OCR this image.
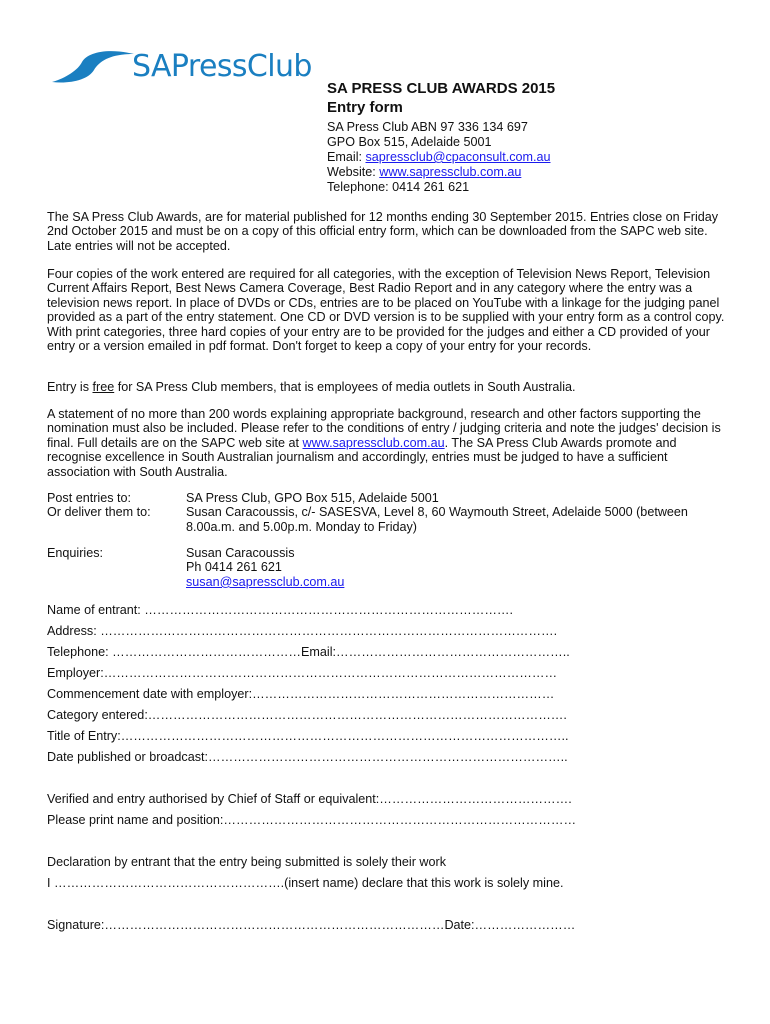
SAPressClub
SA PRESS CLUB AWARDS 2015
Entry form
SA Press Club ABN 97 336 134 697
GPO Box 515, Adelaide 5001
Email: sapressclub@cpaconsult.com.au
Website: www.sapressclub.com.au
Telephone: 0414 261 621
The SA Press Club Awards, are for material published for 12 months ending 30 September 2015. Entries close on Friday 2nd October 2015 and must be on a copy of this official entry form, which can be downloaded from the SAPC web site. Late entries will not be accepted.
Four copies of the work entered are required for all categories, with the exception of Television News Report, Television Current Affairs Report, Best News Camera Coverage, Best Radio Report and in any category where the entry was a television news report. In place of DVDs or CDs, entries are to be placed on YouTube with a linkage for the judging panel provided as a part of the entry statement. One CD or DVD version is to be supplied with your entry form as a control copy. With print categories, three hard copies of your entry are to be provided for the judges and either a CD provided of your entry or a version emailed in pdf format. Don't forget to keep a copy of your entry for your records.
Entry is free for SA Press Club members, that is employees of media outlets in South Australia.
A statement of no more than 200 words explaining appropriate background, research and other factors supporting the nomination must also be included. Please refer to the conditions of entry / judging criteria and note the judges' decision is final. Full details are on the SAPC web site at www.sapressclub.com.au. The SA Press Club Awards promote and recognise excellence in South Australian journalism and accordingly, entries must be judged to have a sufficient association with South Australia.
Post entries to:
Or deliver them to:
SA Press Club, GPO Box 515, Adelaide 5001
Susan Caracoussis, c/- SASESVA, Level 8, 60 Waymouth Street, Adelaide 5000 (between 8.00a.m. and 5.00p.m. Monday to Friday)
Enquiries:	Susan Caracoussis
Ph 0414 261 621
susan@sapressclub.com.au
Name of entrant: …………………………………………………………………………….
Address: ……………………………………………………………………………………………….
Telephone: ………………………………………Email:………………………………………………..
Employer:………………………………………………………………………………………………
Commencement date with employer:………………………………………………………………
Category entered:……………………………………………………………………………………….
Title of Entry:……………………………………………………………………………………………..
Date published or broadcast:…………………………………………………………………………..
Verified and entry authorised by Chief of Staff or equivalent:……………………………………….
Please print name and position:…………………………………………………………………………
Declaration by entrant that the entry being submitted is solely their work
I ……………………………………………….(insert name) declare that this work is solely mine.
Signature:………………………………………………………………………Date:……………………
